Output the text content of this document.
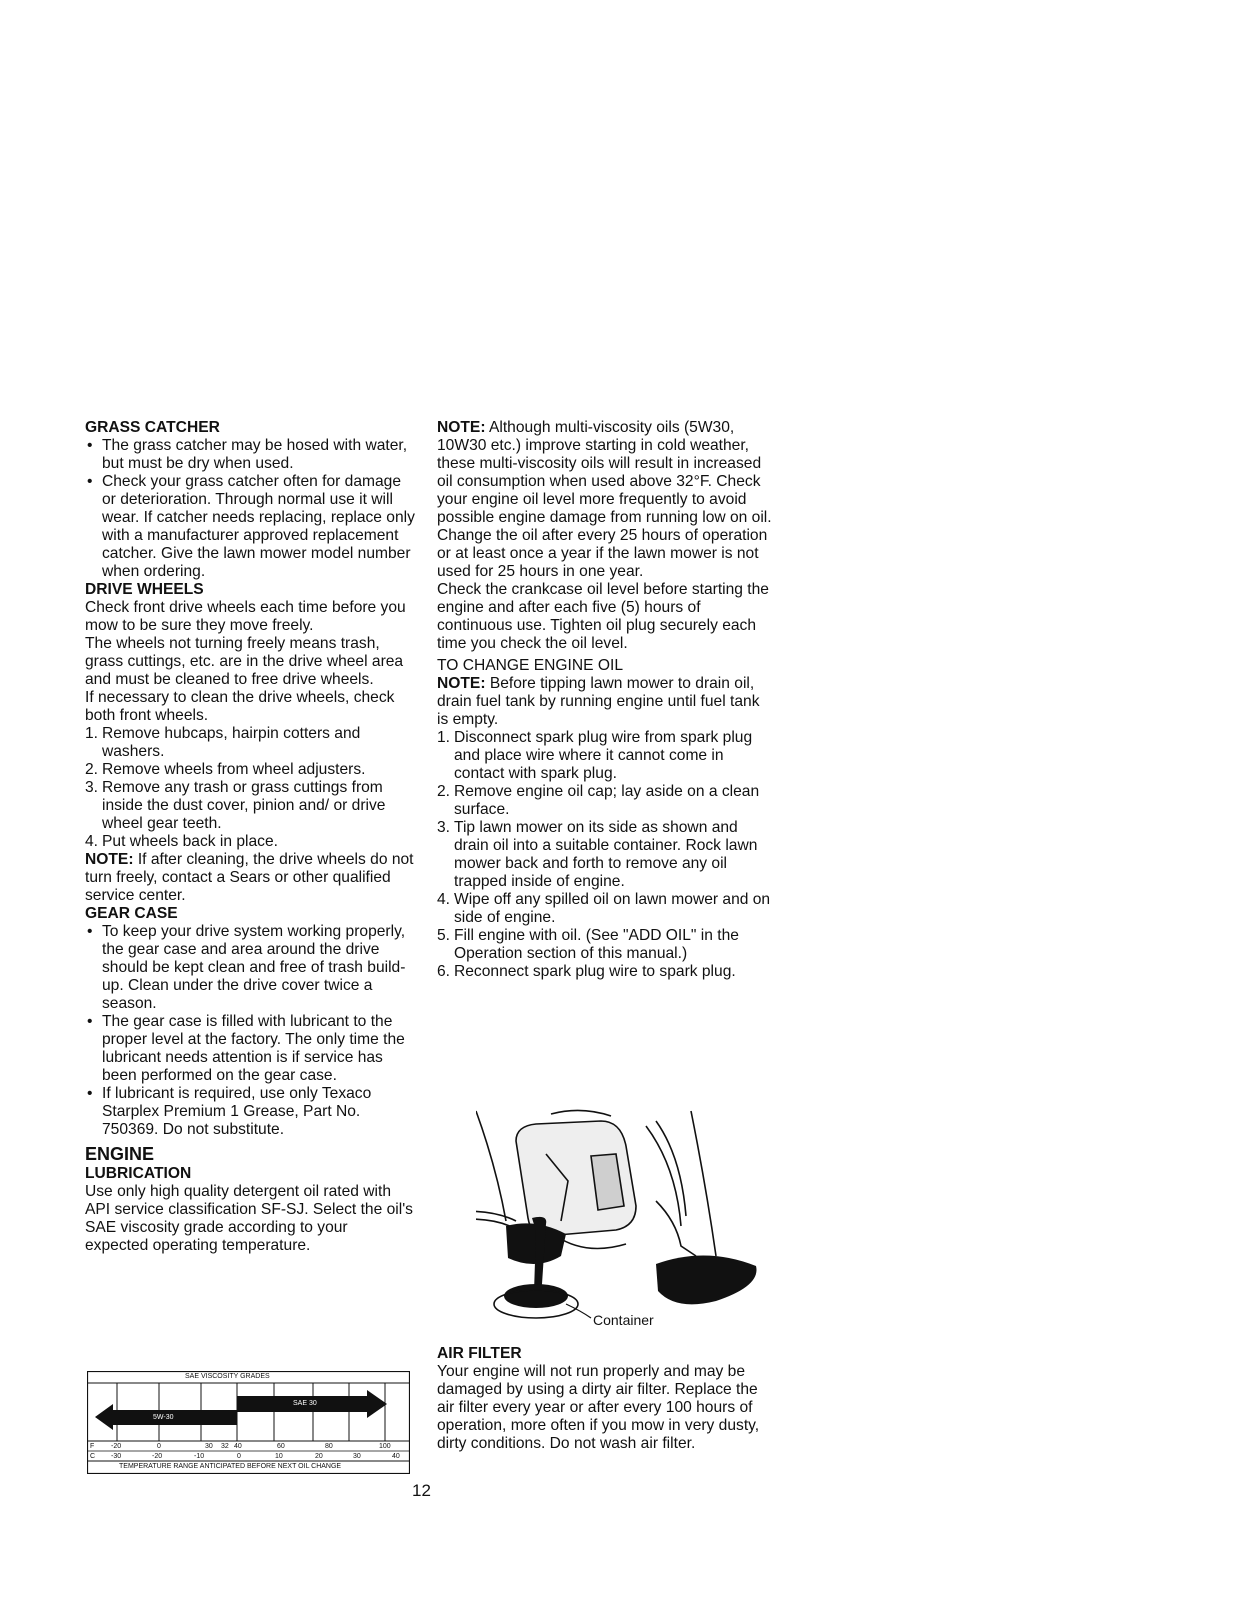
GRASS CATCHER
• The grass catcher may be hosed with water, but must be dry when used.
• Check your grass catcher often for damage or deterioration. Through normal use it will wear. If catcher needs replacing, replace only with a manufacturer approved replacement catcher. Give the lawn mower model number when ordering.
DRIVE WHEELS

Check front drive wheels each time before you mow to be sure they move freely.

The wheels not turning freely means trash, grass cuttings, etc. are in the drive wheel area and must be cleaned to free drive wheels.

If necessary to clean the drive wheels, check both front wheels.

1. Remove hubcaps, hairpin cotters and washers.
2. Remove wheels from wheel adjusters.
3. Remove any trash or grass cuttings from inside the dust cover, pinion and/ or drive wheel gear teeth.
4. Put wheels back in place.

NOTE: If after cleaning, the drive wheels do not turn freely, contact a Sears or other qualified service center.

GEAR CASE
• To keep your drive system working properly, the gear case and area around the drive should be kept clean and free of trash build-up. Clean under the drive cover twice a season.
• The gear case is filled with lubricant to the proper level at the factory. The only time the lubricant needs attention is if service has been performed on the gear case.
• If lubricant is required, use only Texaco Starplex Premium 1 Grease, Part No. 750369. Do not substitute.
ENGINE
LUBRICATION

Use only high quality detergent oil rated with API service classification SF-SJ. Select the oil's SAE viscosity grade according to your expected operating temperature.

SAE VISCOSITY GRADES
5W-30
SAE 30
F
C
-20	0	30 32 40	60	80	100
-30	-20	-10	0	10	20	30	40
TEMPERATURE RANGE ANTICIPATED BEFORE NEXT OIL CHANGE

NOTE: Although multi-viscosity oils (5W30, 10W30 etc.) improve starting in cold weather, these multi-viscosity oils will result in increased oil consumption when used above 32°F. Check your engine oil level more frequently to avoid possible engine damage from running low on oil.

Change the oil after every 25 hours of operation or at least once a year if the lawn mower is not used for 25 hours in one year.

Check the crankcase oil level before starting the engine and after each five (5) hours of continuous use. Tighten oil plug securely each time you check the oil level.

TO CHANGE ENGINE OIL

NOTE: Before tipping lawn mower to drain oil, drain fuel tank by running engine until fuel tank is empty.

1. Disconnect spark plug wire from spark plug and place wire where it cannot come in contact with spark plug.
2. Remove engine oil cap; lay aside on a clean surface.
3. Tip lawn mower on its side as shown and drain oil into a suitable container. Rock lawn mower back and forth to remove any oil trapped inside of engine.
4. Wipe off any spilled oil on lawn mower and on side of engine.
5. Fill engine with oil. (See "ADD OIL" in the Operation section of this manual.)
6. Reconnect spark plug wire to spark plug.
Container
AIR FILTER

Your engine will not run properly and may be damaged by using a dirty air filter. Replace the air filter every year or after every 100 hours of operation, more often if you mow in very dusty, dirty conditions. Do not wash air filter.

12
